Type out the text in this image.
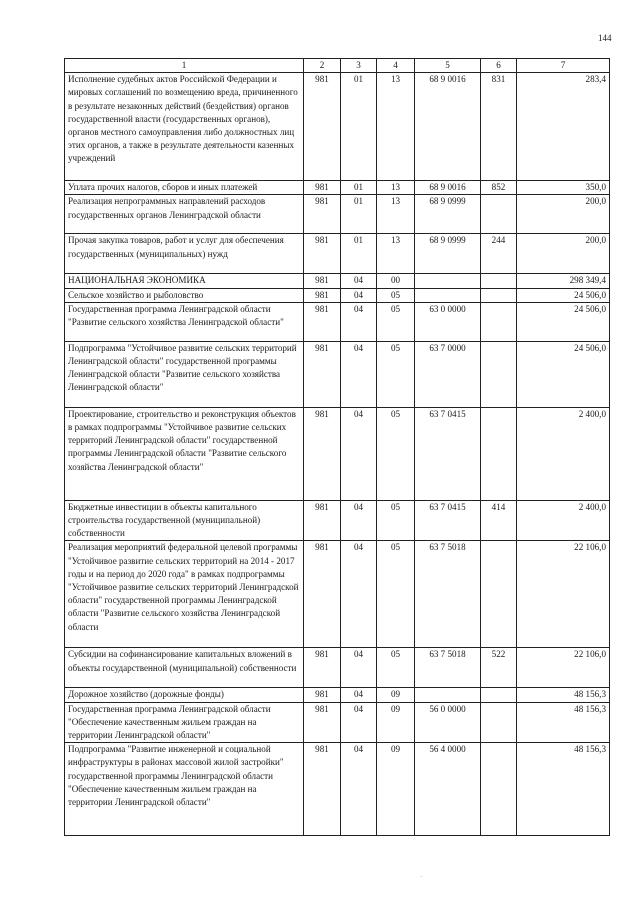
144
1	2	3	4	5	6	7
Исполнение судебных актов Российской Федерации и мировых соглашений по возмещению вреда, причиненного в результате незаконных действий (бездействия) органов государственной власти (государственных органов), органов местного самоуправления либо должностных лиц этих органов, а также в результате деятельности казенных учреждений	981	01	13	68 9 0016	831	283,4
Уплата прочих налогов, сборов и иных платежей	981	01	13	68 9 0016	852	350,0
Реализация непрограммных направлений расходов государственных органов Ленинградской области	981	01	13	68 9 0999		200,0
Прочая закупка товаров, работ и услуг для обеспечения государственных (муниципальных) нужд	981	01	13	68 9 0999	244	200,0
НАЦИОНАЛЬНАЯ ЭКОНОМИКА	981	04	00			298 349,4
Сельское хозяйство и рыболовство	981	04	05			24 506,0
Государственная программа Ленинградской области "Развитие сельского хозяйства Ленинградской области"	981	04	05	63 0 0000		24 506,0
Подпрограмма "Устойчивое развитие сельских территорий Ленинградской области" государственной программы Ленинградской области "Развитие сельского хозяйства Ленинградской области"	981	04	05	63 7 0000		24 506,0
Проектирование, строительство и реконструкция объектов в рамках подпрограммы "Устойчивое развитие сельских территорий Ленинградской области" государственной программы Ленинградской области "Развитие сельского хозяйства Ленинградской области"	981	04	05	63 7 0415		2 400,0
Бюджетные инвестиции в объекты капитального строительства государственной (муниципальной) собственности	981	04	05	63 7 0415	414	2 400,0
Реализация мероприятий федеральной целевой программы "Устойчивое развитие сельских территорий на 2014 - 2017 годы и на период до 2020 года" в рамках подпрограммы "Устойчивое развитие сельских территорий Ленинградской области" государственной программы Ленинградской области "Развитие сельского хозяйства Ленинградской области	981	04	05	63 7 5018		22 106,0
Субсидии на софинансирование капитальных вложений в объекты государственной (муниципальной) собственности	981	04	05	63 7 5018	522	22 106,0
Дорожное хозяйство (дорожные фонды)	981	04	09			48 156,3
Государственная программа Ленинградской области "Обеспечение качественным жильем граждан на территории Ленинградской области"	981	04	09	56 0 0000		48 156,3
Подпрограмма "Развитие инженерной и социальной инфраструктуры в районах массовой жилой застройки" государственной программы Ленинградской области "Обеспечение качественным жильем граждан на территории Ленинградской области"	981	04	09	56 4 0000		48 156,3
·
